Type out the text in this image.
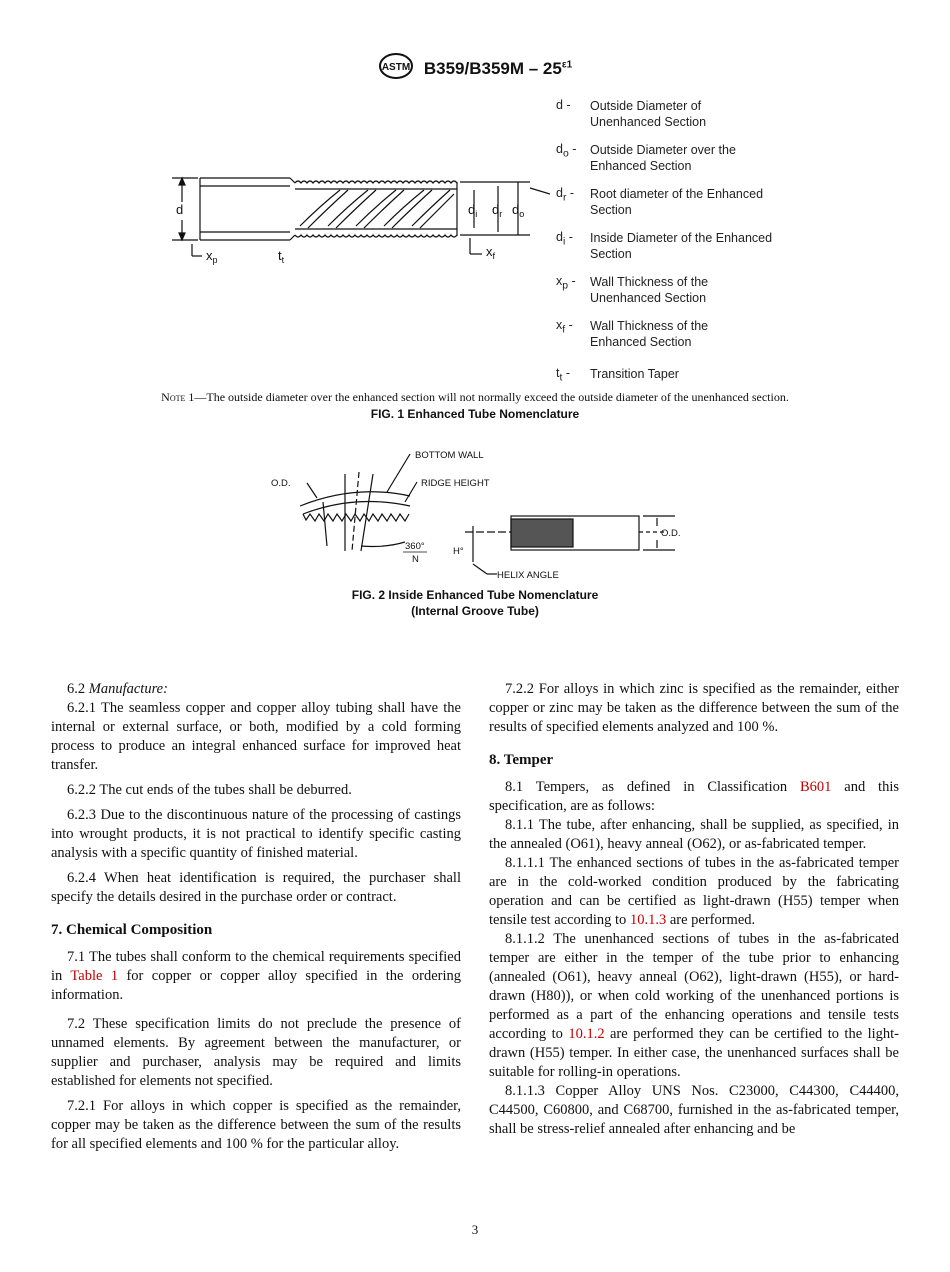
ASTM $B359/B359M - 25^{\varepsilon 1}$
d	$d_i$ $d_r$ $d_o$
$x_p$	$t_t$
$x_f$
d -	Outside Diameter of
Unenhanced Section
$d_o$ -	Outside Diameter over the
Enhanced Section
$d_r$ -	Root diameter of the Enhanced
Section
$d_i$ -	Inside Diameter of the Enhanced
Section
$x_p$ -	Wall Thickness of the
Unenhanced Section
$x_f$ -	Wall Thickness of the
Enhanced Section
$t_t$ -	Transition Taper
Note 1—The outside diameter over the enhanced section will not normally exceed the outside diameter of the unenhanced section.
FIG. 1 Enhanced Tube Nomenclature
O.D.
BOTTOM WALL
RIDGE HEIGHT
360°
N
H°
HELIX ANGLE
O.D.
FIG. 2 Inside Enhanced Tube Nomenclature
(Internal Groove Tube)

6.2 Manufacture:

6.2.1 The seamless copper and copper alloy tubing shall have the internal or external surface, or both, modified by a cold forming process to produce an integral enhanced surface for improved heat transfer.

6.2.2 The cut ends of the tubes shall be deburred.

6.2.3 Due to the discontinuous nature of the processing of castings into wrought products, it is not practical to identify specific casting analysis with a specific quantity of finished material.

6.2.4 When heat identification is required, the purchaser shall specify the details desired in the purchase order or contract.

7. Chemical Composition

7.1 The tubes shall conform to the chemical requirements specified in Table 1 for copper or copper alloy specified in the ordering information.

7.2 These specification limits do not preclude the presence of unnamed elements. By agreement between the manufacturer, or supplier and purchaser, analysis may be required and limits established for elements not specified.

7.2.1 For alloys in which copper is specified as the remainder, copper may be taken as the difference between the sum of the results for all specified elements and 100 % for the particular alloy.

7.2.2 For alloys in which zinc is specified as the remainder, either copper or zinc may be taken as the difference between the sum of the results of specified elements analyzed and 100 %.

8. Temper

8.1 Tempers, as defined in Classification B601 and this specification, are as follows:

8.1.1 The tube, after enhancing, shall be supplied, as specified, in the annealed (O61), heavy anneal (O62), or as-fabricated temper.

8.1.1.1 The enhanced sections of tubes in the as-fabricated temper are in the cold-worked condition produced by the fabricating operation and can be certified as light-drawn (H55) temper when tensile test according to 10.1.3 are performed.

8.1.1.2 The unenhanced sections of tubes in the as-fabricated temper are either in the temper of the tube prior to enhancing (annealed (O61), heavy anneal (O62), light-drawn (H55), or hard-drawn (H80)), or when cold working of the unenhanced portions is performed as a part of the enhancing operations and tensile tests according to 10.1.2 are performed they can be certified to the light-drawn (H55) temper. In either case, the unenhanced surfaces shall be suitable for rolling-in operations.

8.1.1.3 Copper Alloy UNS Nos. C23000, C44300, C44400, C44500, C60800, and C68700, furnished in the as-fabricated temper, shall be stress-relief annealed after enhancing and be

3
